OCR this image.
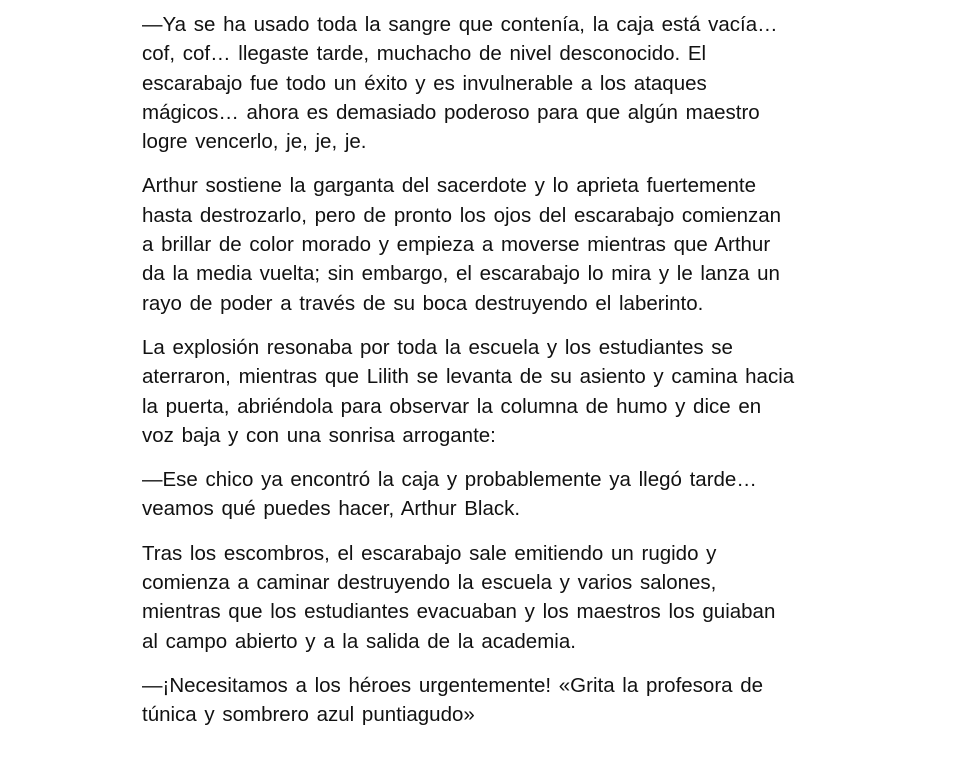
—Ya se ha usado toda la sangre que contenía, la caja está vacía…
cof, cof… llegaste tarde, muchacho de nivel desconocido. El
escarabajo fue todo un éxito y es invulnerable a los ataques
mágicos… ahora es demasiado poderoso para que algún maestro
logre vencerlo, je, je, je.

Arthur sostiene la garganta del sacerdote y lo aprieta fuertemente
hasta destrozarlo, pero de pronto los ojos del escarabajo comienzan
a brillar de color morado y empieza a moverse mientras que Arthur
da la media vuelta; sin embargo, el escarabajo lo mira y le lanza un
rayo de poder a través de su boca destruyendo el laberinto.

La explosión resonaba por toda la escuela y los estudiantes se
aterraron, mientras que Lilith se levanta de su asiento y camina hacia
la puerta, abriéndola para observar la columna de humo y dice en
voz baja y con una sonrisa arrogante:

—Ese chico ya encontró la caja y probablemente ya llegó tarde…
veamos qué puedes hacer, Arthur Black.

Tras los escombros, el escarabajo sale emitiendo un rugido y
comienza a caminar destruyendo la escuela y varios salones,
mientras que los estudiantes evacuaban y los maestros los guiaban
al campo abierto y a la salida de la academia.

—¡Necesitamos a los héroes urgentemente! «Grita la profesora de
túnica y sombrero azul puntiagudo»
